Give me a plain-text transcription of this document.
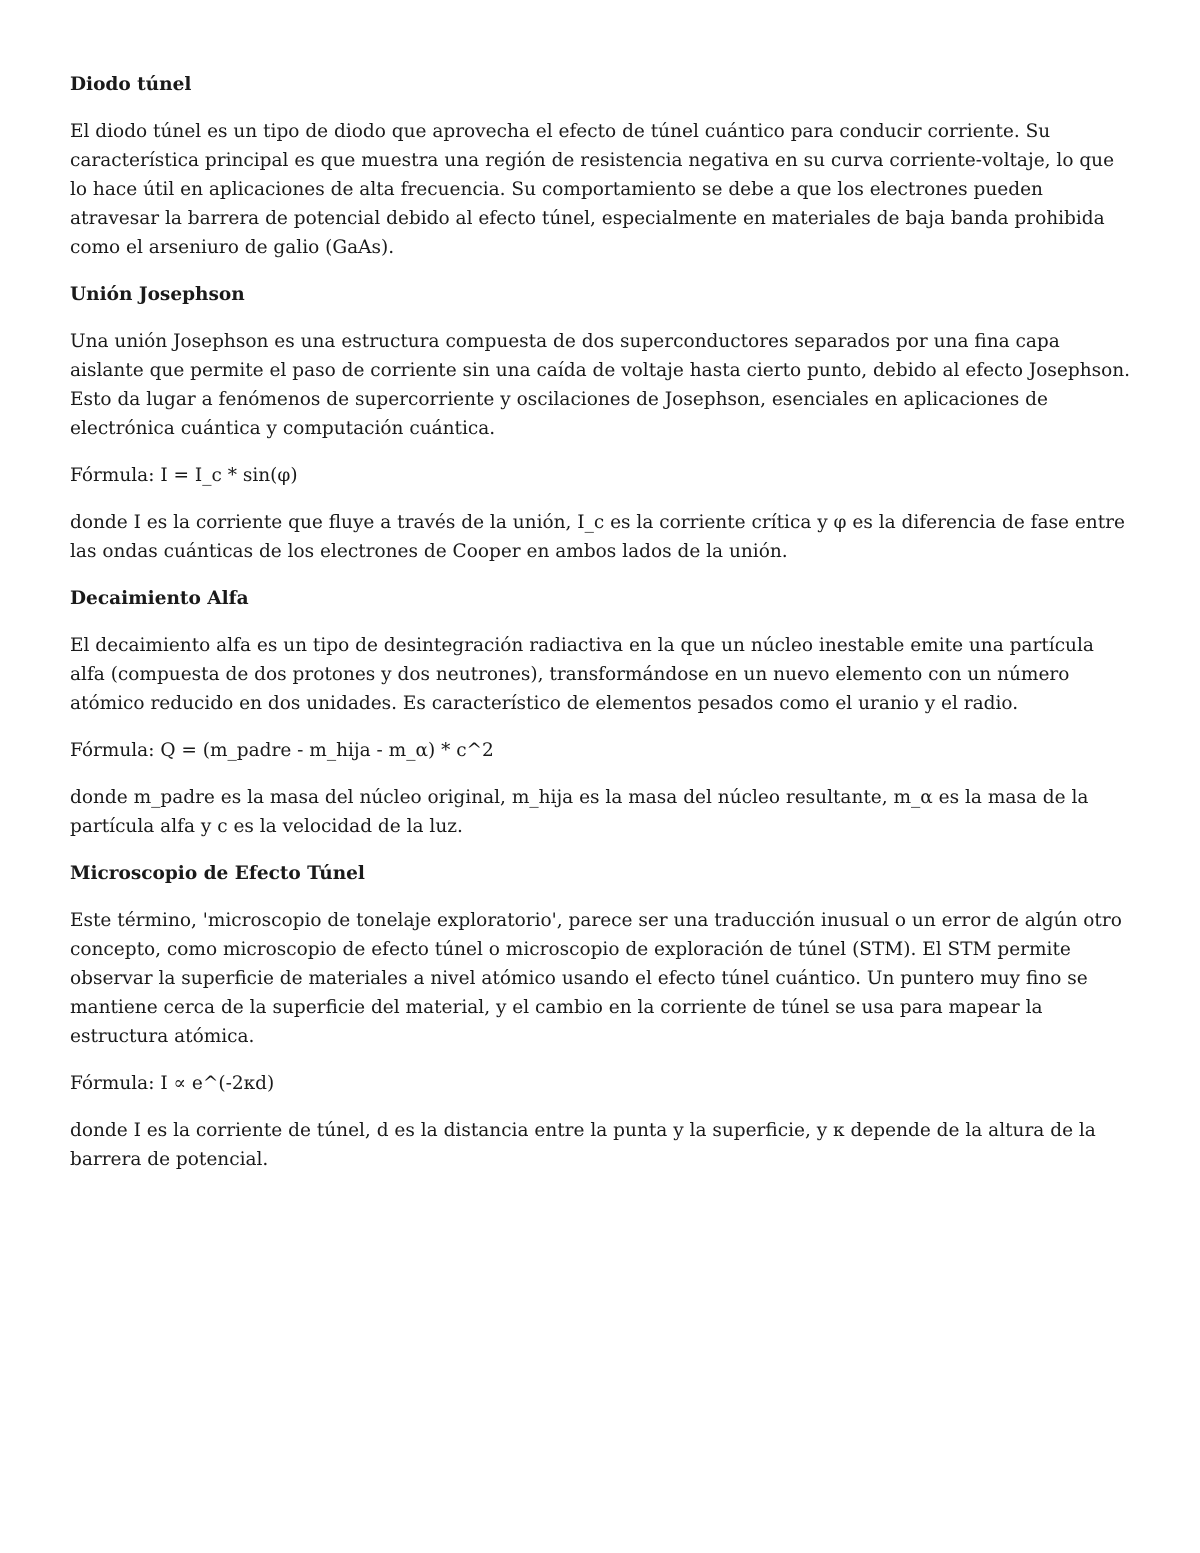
Diodo túnel
El diodo túnel es un tipo de diodo que aprovecha el efecto de túnel cuántico para conducir corriente. Su característica principal es que muestra una región de resistencia negativa en su curva corriente-voltaje, lo que lo hace útil en aplicaciones de alta frecuencia. Su comportamiento se debe a que los electrones pueden atravesar la barrera de potencial debido al efecto túnel, especialmente en materiales de baja banda prohibida como el arseniuro de galio (GaAs).
Unión Josephson
Una unión Josephson es una estructura compuesta de dos superconductores separados por una fina capa aislante que permite el paso de corriente sin una caída de voltaje hasta cierto punto, debido al efecto Josephson. Esto da lugar a fenómenos de supercorriente y oscilaciones de Josephson, esenciales en aplicaciones de electrónica cuántica y computación cuántica.
Fórmula: I = I_c * sin(φ)
donde I es la corriente que fluye a través de la unión, I_c es la corriente crítica y φ es la diferencia de fase entre las ondas cuánticas de los electrones de Cooper en ambos lados de la unión.
Decaimiento Alfa
El decaimiento alfa es un tipo de desintegración radiactiva en la que un núcleo inestable emite una partícula alfa (compuesta de dos protones y dos neutrones), transformándose en un nuevo elemento con un número atómico reducido en dos unidades. Es característico de elementos pesados como el uranio y el radio.
Fórmula: Q = (m_padre - m_hija - m_α) * c^2
donde m_padre es la masa del núcleo original, m_hija es la masa del núcleo resultante, m_α es la masa de la partícula alfa y c es la velocidad de la luz.
Microscopio de Efecto Túnel
Este término, 'microscopio de tonelaje exploratorio', parece ser una traducción inusual o un error de algún otro concepto, como microscopio de efecto túnel o microscopio de exploración de túnel (STM). El STM permite observar la superficie de materiales a nivel atómico usando el efecto túnel cuántico. Un puntero muy fino se mantiene cerca de la superficie del material, y el cambio en la corriente de túnel se usa para mapear la estructura atómica.
Fórmula: I ∝ e^(-2κd)
donde I es la corriente de túnel, d es la distancia entre la punta y la superficie, y κ depende de la altura de la barrera de potencial.
